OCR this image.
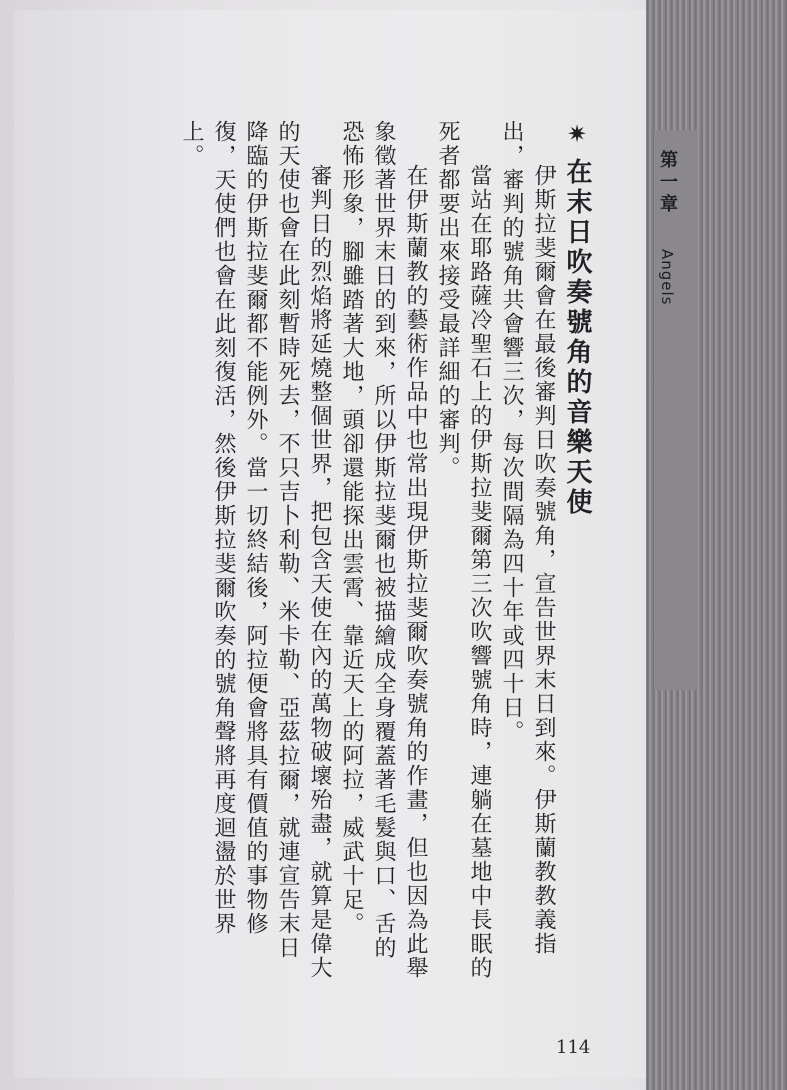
第一章  Angels
✷在末日吹奏號角的音樂天使

伊斯拉斐爾會在最後審判日吹奏號角，宣告世界末日到來。伊斯蘭教教義指出，審判的號角共會響三次，每次間隔為四十年或四十日。

當站在耶路薩冷聖石上的伊斯拉斐爾第三次吹響號角時，連躺在墓地中長眠的死者都要出來接受最詳細的審判。

在伊斯蘭教的藝術作品中也常出現伊斯拉斐爾吹奏號角的作畫，但也因為此舉象徵著世界末日的到來，所以伊斯拉斐爾也被描繪成全身覆蓋著毛髮與口、舌的恐怖形象，腳雖踏著大地，頭卻還能探出雲霄、靠近天上的阿拉，威武十足。

審判日的烈焰將延燒整個世界，把包含天使在內的萬物破壞殆盡，就算是偉大的天使也會在此刻暫時死去，不只吉卜利勒、米卡勒、亞茲拉爾，就連宣告末日降臨的伊斯拉斐爾都不能例外。當一切終結後，阿拉便會將具有價值的事物修復，天使們也會在此刻復活，然後伊斯拉斐爾吹奏的號角聲將再度迴盪於世界上。

114
